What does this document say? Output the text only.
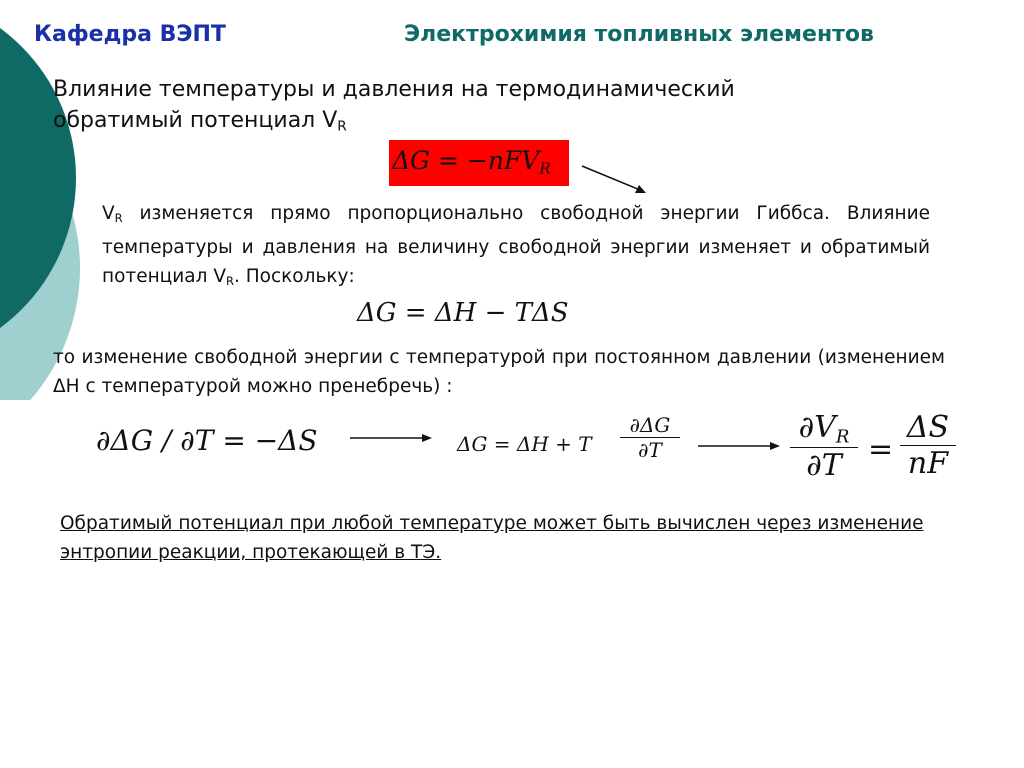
Кафедра ВЭПТ	Электрохимия топливных элементов
Влияние температуры и давления на термодинамический обратимый потенциал $V_R$
ΔG = −nFV$_R$
$V_R$ изменяется прямо пропорционально свободной энергии Гиббса. Влияние температуры и давления на величину свободной энергии изменяет и обратимый потенциал $V_R$. Поскольку:
ΔG = ΔH − TΔS
то изменение свободной энергии с температурой при постоянном давлении (изменением ΔН с температурой можно пренебречь) :
∂ΔG / ∂T = −ΔS	ΔG = ΔH + T
∂ΔG
∂T
$\partial V_R$
∂T =
ΔS
nF
Обратимый потенциал при любой температуре может быть вычислен через изменение энтропии реакции, протекающей в ТЭ.
